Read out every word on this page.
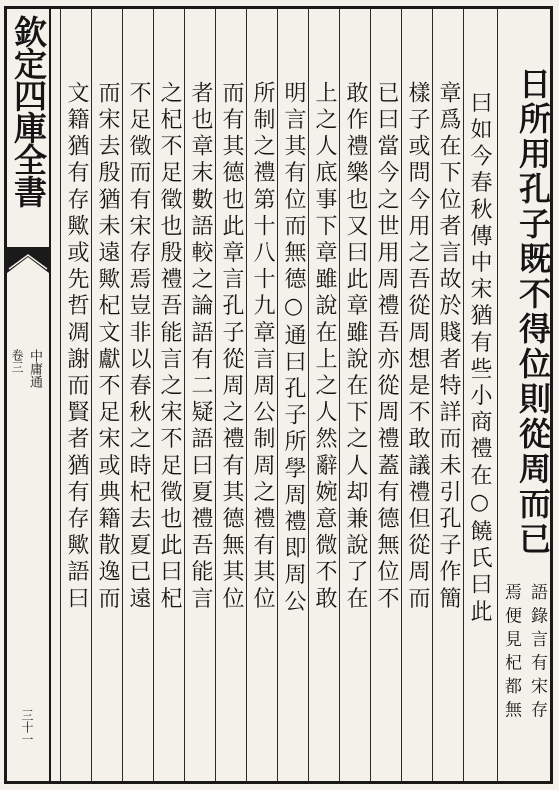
欽定四庫全書
中庸通
卷三
三十一
日所用孔子既不得位則從周而已
語錄言有宋存
焉便見杞都無
曰如今春秋傳中宋猶有些小商禮在○饒氏曰此
章爲在下位者言故於賤者特詳而未引孔子作簡
樣子或問今用之吾從周想是不敢議禮但從周而
已曰當今之世用周禮吾亦從周禮蓋有德無位不
敢作禮樂也又曰此章雖說在下之人却兼說了在
上之人底事下章雖說在上之人然辭婉意微不敢
明言其有位而無德○通曰孔子所學周禮即周公
所制之禮第十八十九章言周公制周之禮有其位
而有其德也此章言孔子從周之禮有其德無其位
者也章末數語較之論語有二疑語曰夏禮吾能言
之杞不足徵也殷禮吾能言之宋不足徵也此曰杞
不足徵而有宋存焉豈非以春秋之時杞去夏已遠
而宋去殷猶未遠歟杞文獻不足宋或典籍散逸而
文籍猶有存歟或先哲凋謝而賢者猶有存歟語曰
